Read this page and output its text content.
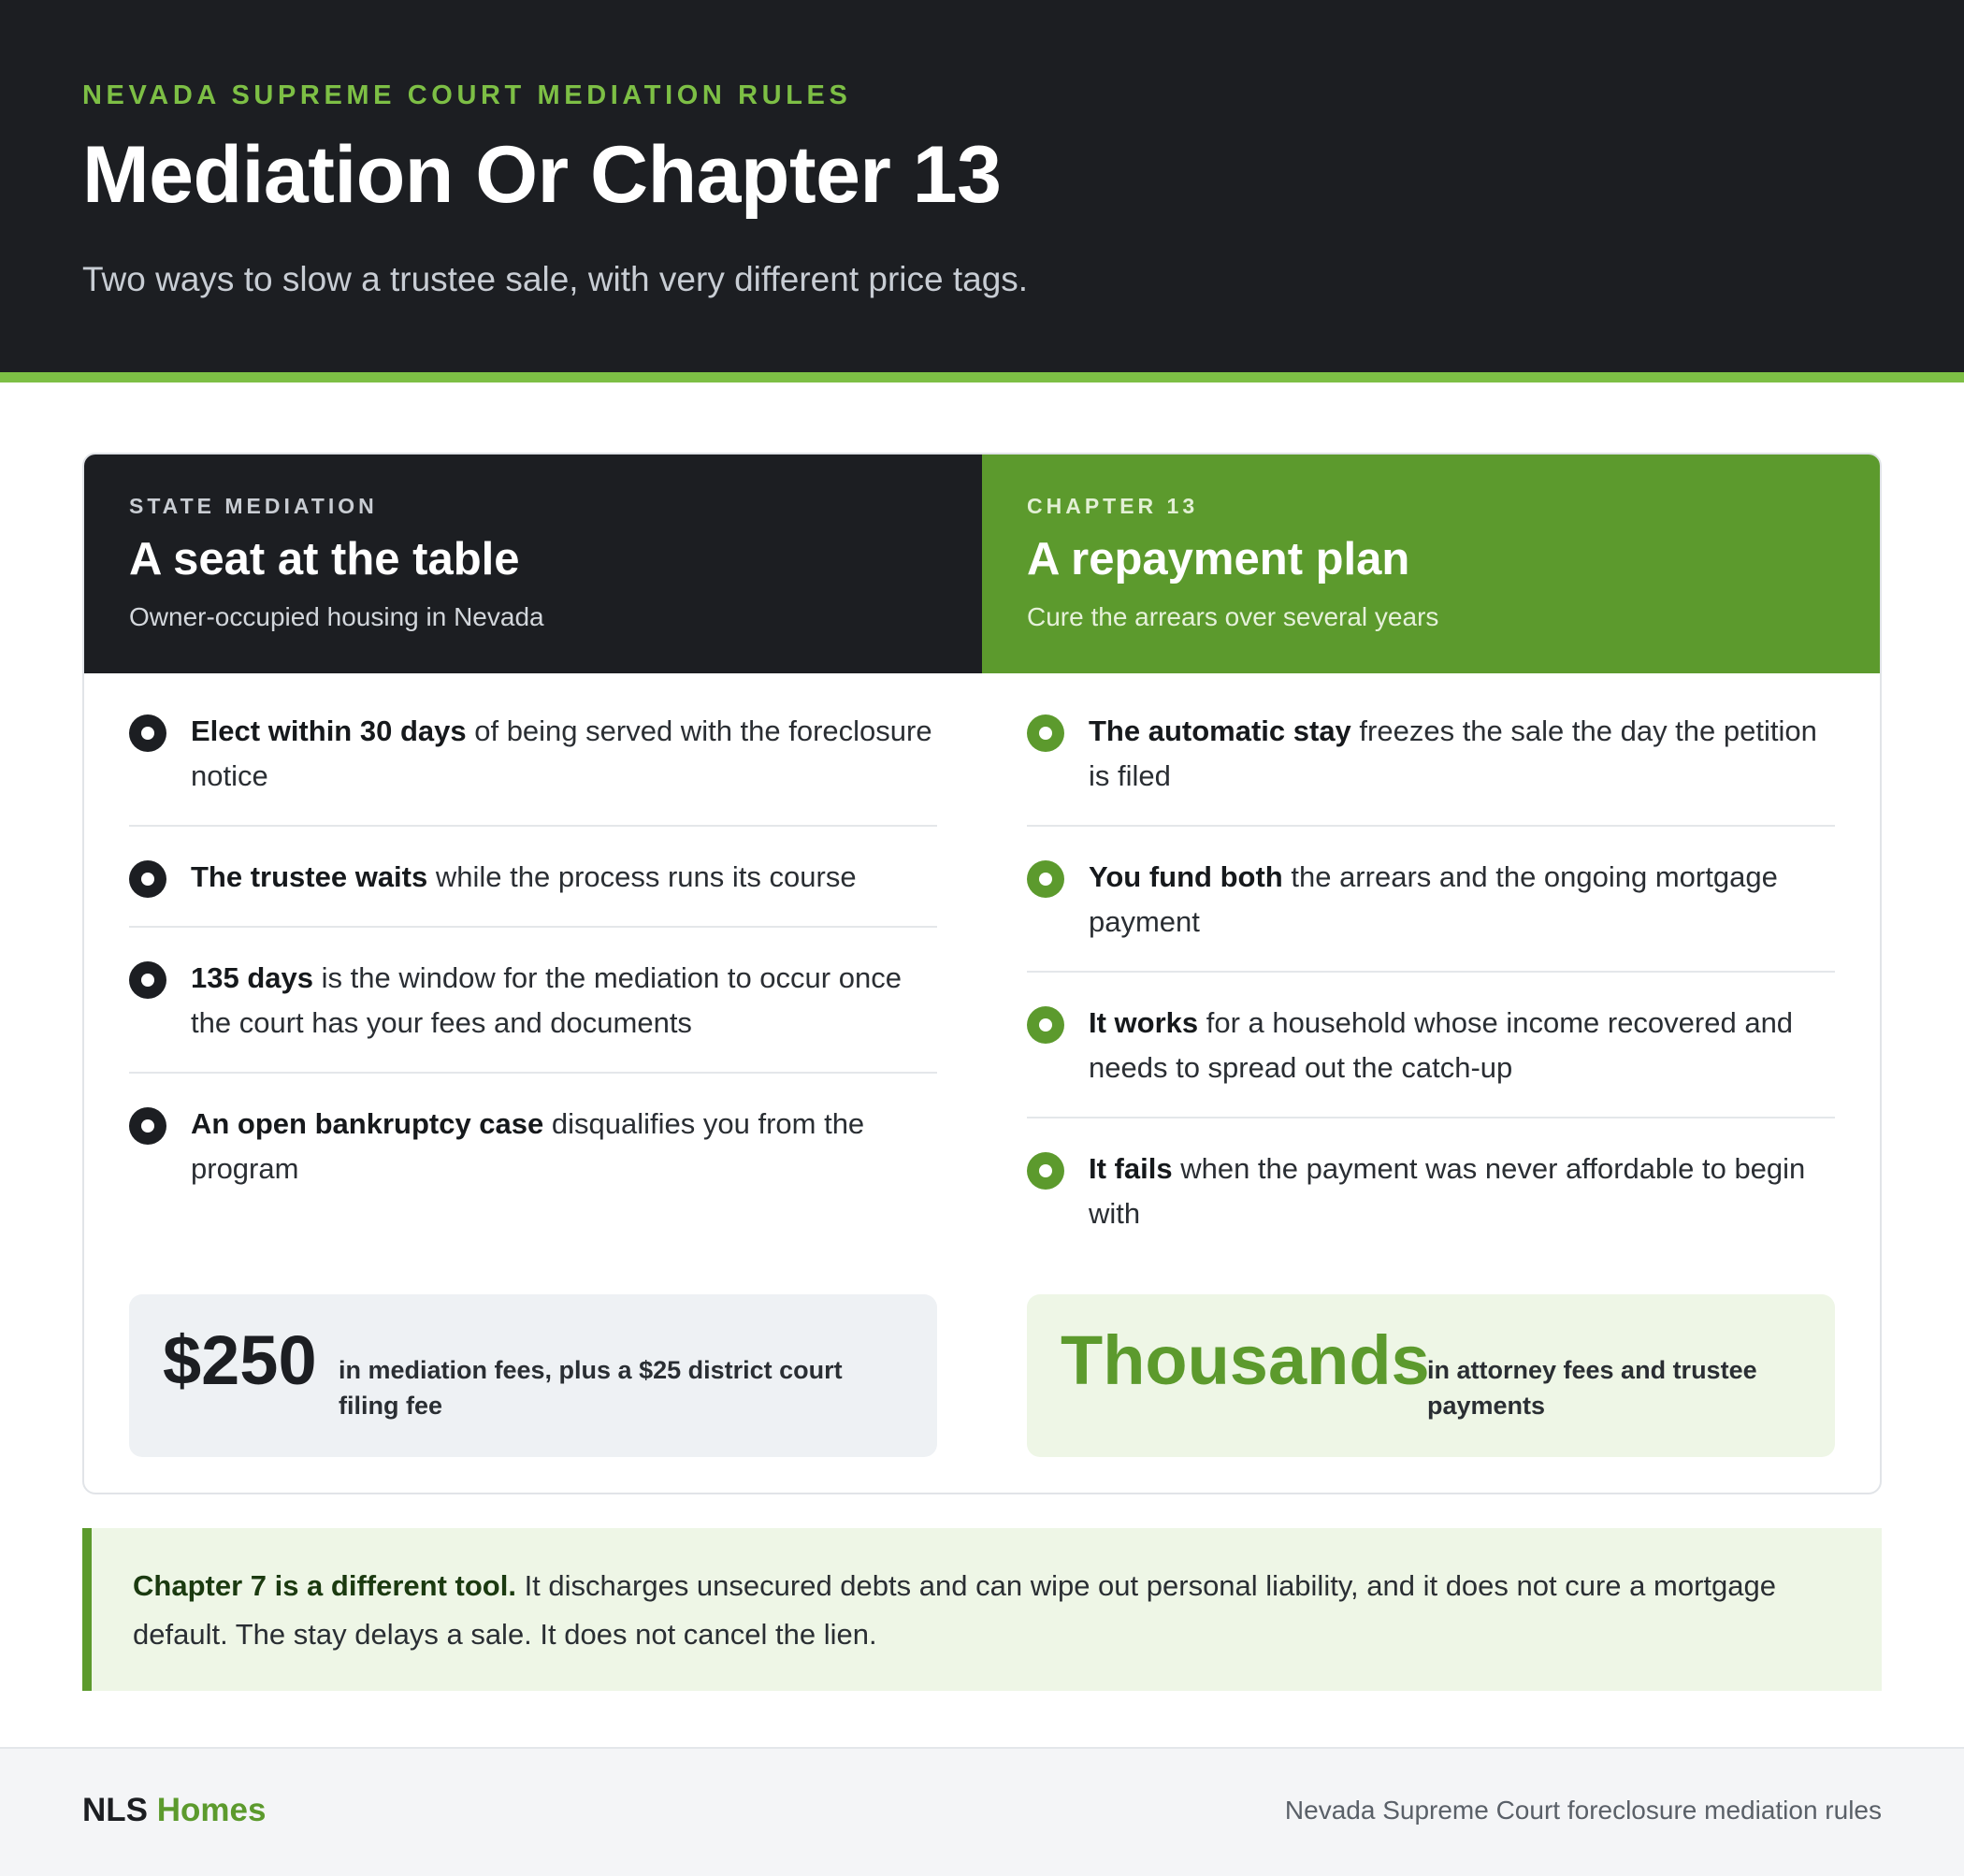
NEVADA SUPREME COURT MEDIATION RULES
Mediation Or Chapter 13
Two ways to slow a trustee sale, with very different price tags.
STATE MEDIATION
A seat at the table
Owner-occupied housing in Nevada
CHAPTER 13
A repayment plan
Cure the arrears over several years
Elect within 30 days of being served with the foreclosure notice
The trustee waits while the process runs its course
135 days is the window for the mediation to occur once the court has your fees and documents
An open bankruptcy case disqualifies you from the program
The automatic stay freezes the sale the day the petition is filed
You fund both the arrears and the ongoing mortgage payment
It works for a household whose income recovered and needs to spread out the catch-up
It fails when the payment was never affordable to begin with
$250 in mediation fees, plus a $25 district court filing fee
Thousands
in attorney fees and trustee payments
Chapter 7 is a different tool. It discharges unsecured debts and can wipe out personal liability, and it does not cure a mortgage default. The stay delays a sale. It does not cancel the lien.
NLS Homes	Nevada Supreme Court foreclosure mediation rules
